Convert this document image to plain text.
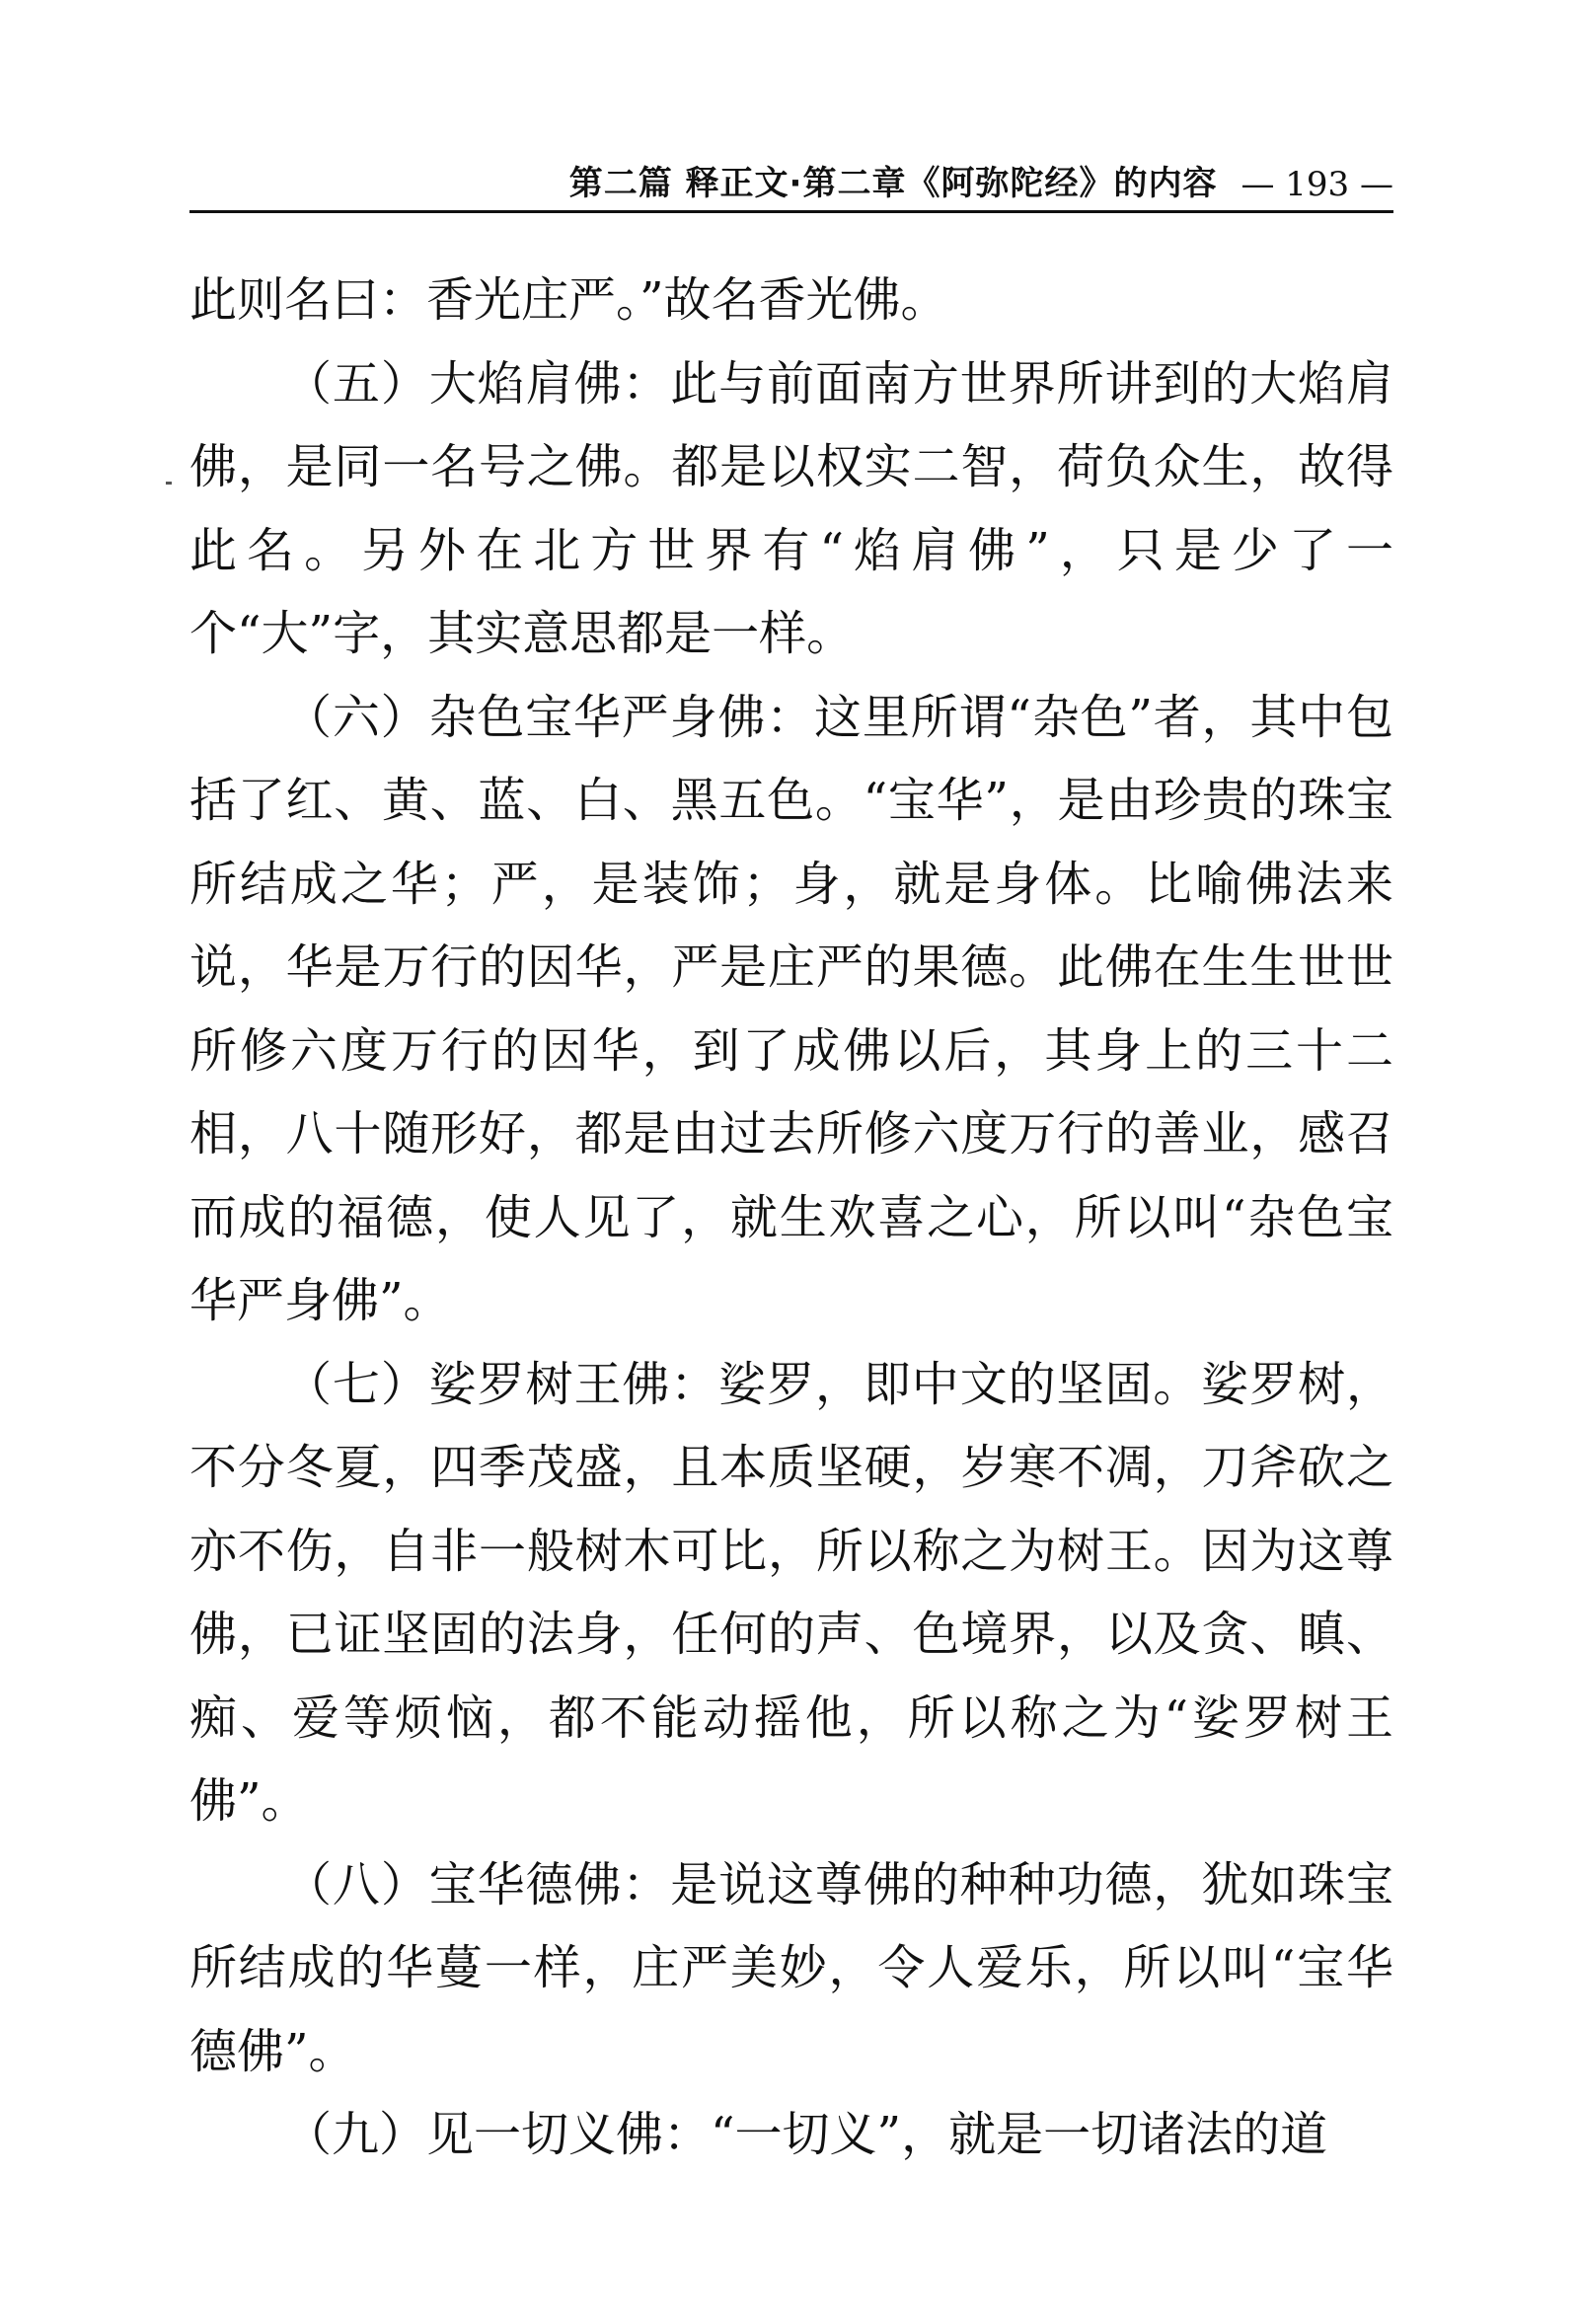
第二篇 释正文·第二章《阿弥陀经》的内容 — 193 —

此则名曰：香光庄严。”故名香光佛。

（五）大焰肩佛：此与前面南方世界所讲到的大焰肩佛，是同一名号之佛。都是以权实二智，荷负众生，故得此名。另外在北方世界有“焰肩佛”，只是少了一个“大”字，其实意思都是一样。

（六）杂色宝华严身佛：这里所谓“杂色”者，其中包括了红、黄、蓝、白、黑五色。“宝华”，是由珍贵的珠宝所结成之华；严，是装饰；身，就是身体。比喻佛法来说，华是万行的因华，严是庄严的果德。此佛在生生世世所修六度万行的因华，到了成佛以后，其身上的三十二相，八十随形好，都是由过去所修六度万行的善业，感召而成的福德，使人见了，就生欢喜之心，所以叫“杂色宝华严身佛”。

（七）娑罗树王佛：娑罗，即中文的坚固。娑罗树，不分冬夏，四季茂盛，且本质坚硬，岁寒不凋，刀斧砍之亦不伤，自非一般树木可比，所以称之为树王。因为这尊佛，已证坚固的法身，任何的声、色境界，以及贪、瞋、痴、爱等烦恼，都不能动摇他，所以称之为“娑罗树王佛”。

（八）宝华德佛：是说这尊佛的种种功德，犹如珠宝所结成的华蔓一样，庄严美妙，令人爱乐，所以叫“宝华德佛”。

（九）见一切义佛：“一切义”，就是一切诸法的道
